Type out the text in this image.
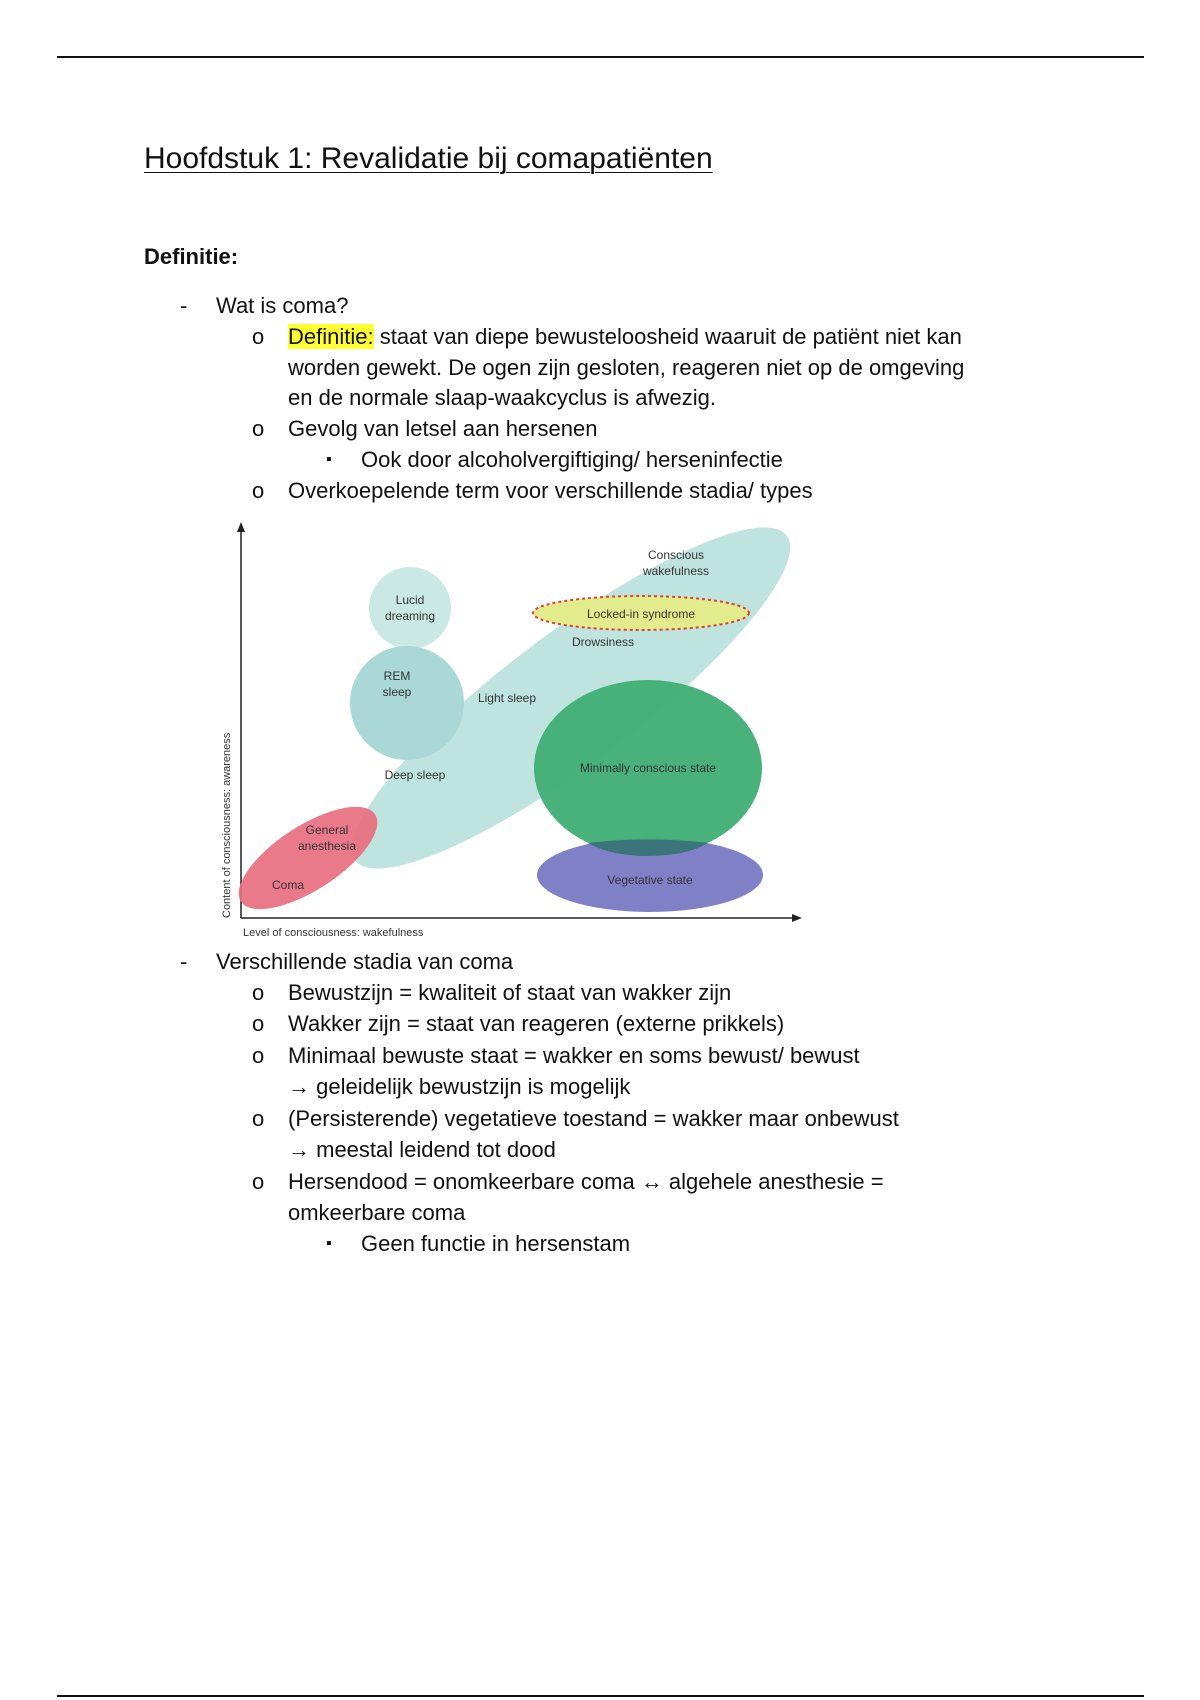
Hoofdstuk 1: Revalidatie bij comapatiënten
Definitie:
- Wat is coma?
o Definitie: staat van diepe bewusteloosheid waaruit de patiënt niet kan
worden gewekt. De ogen zijn gesloten, reageren niet op de omgeving
en de normale slaap-waakcyclus is afwezig.
o Gevolg van letsel aan hersenen
▪ Ook door alcoholvergiftiging/ herseninfectie
o Overkoepelende term voor verschillende stadia/ types
Conscious
wakefulness
Locked-in syndrome
Drowsiness
Lucid
dreaming
REM
sleep	Light sleep
Deep sleep	Minimally conscious state
Vegetative state
General
anesthesia
Coma
Content of consciousness: awareness
Level of consciousness: wakefulness
- Verschillende stadia van coma
o Bewustzijn = kwaliteit of staat van wakker zijn
o Wakker zijn = staat van reageren (externe prikkels)
o Minimaal bewuste staat = wakker en soms bewust/ bewust
→ geleidelijk bewustzijn is mogelijk
o (Persisterende) vegetatieve toestand = wakker maar onbewust
→ meestal leidend tot dood
o Hersendood = onomkeerbare coma ↔ algehele anesthesie =
omkeerbare coma
▪ Geen functie in hersenstam
